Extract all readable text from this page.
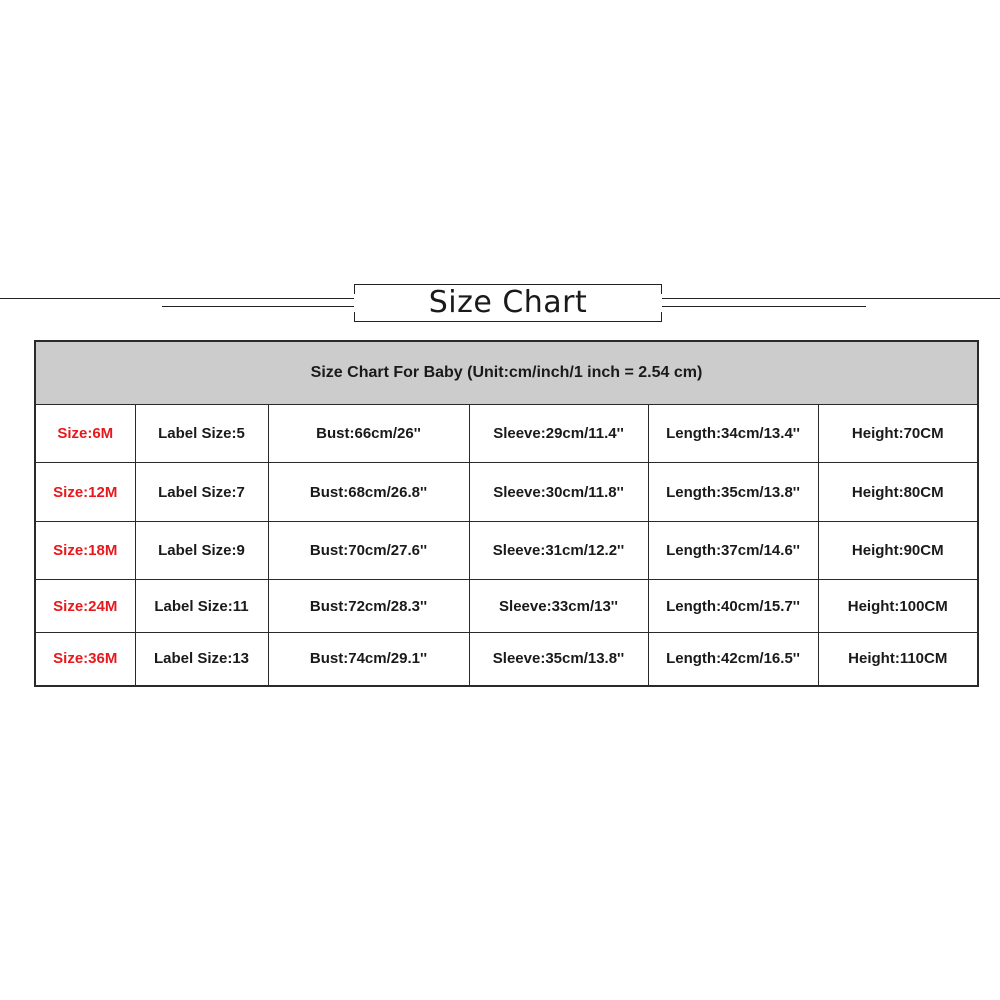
Size Chart
Size Chart For Baby (Unit:cm/inch/1 inch = 2.54 cm)					
Size:6M	Label Size:5	Bust:66cm/26''	Sleeve:29cm/11.4''	Length:34cm/13.4''	Height:70CM
Size:12M	Label Size:7	Bust:68cm/26.8''	Sleeve:30cm/11.8''	Length:35cm/13.8''	Height:80CM
Size:18M	Label Size:9	Bust:70cm/27.6''	Sleeve:31cm/12.2''	Length:37cm/14.6''	Height:90CM
Size:24M	Label Size:11	Bust:72cm/28.3''	Sleeve:33cm/13''	Length:40cm/15.7''	Height:100CM
Size:36M	Label Size:13	Bust:74cm/29.1''	Sleeve:35cm/13.8''	Length:42cm/16.5''	Height:110CM
